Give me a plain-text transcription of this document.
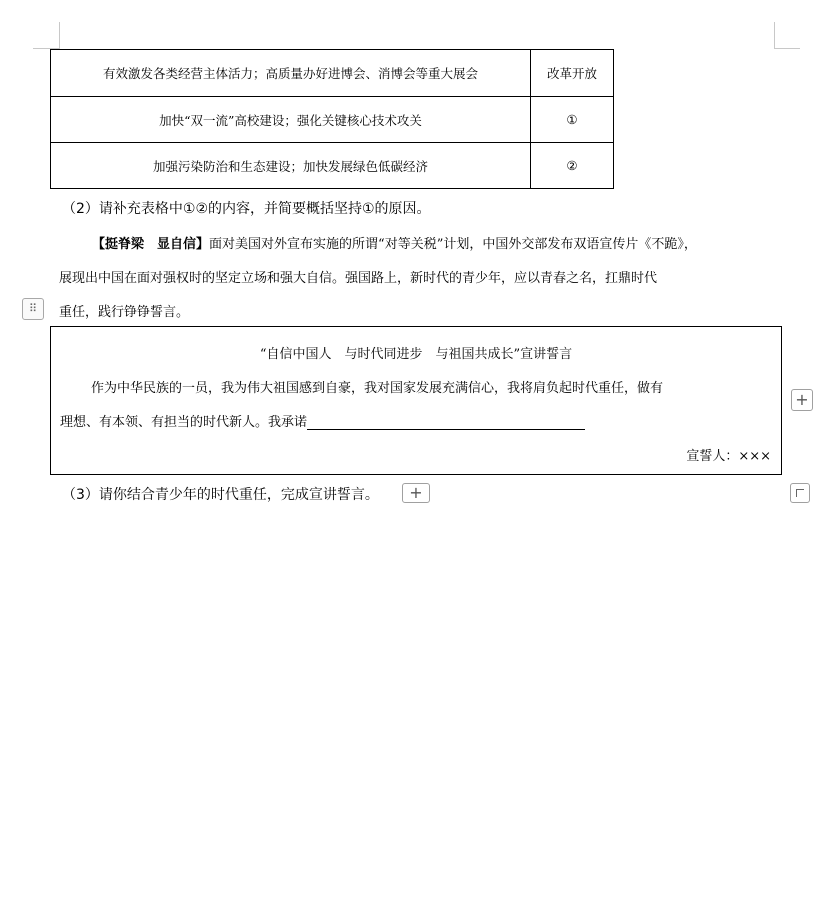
有效激发各类经营主体活力；高质量办好进博会、消博会等重大展会	改革开放
加快“双一流”高校建设；强化关键核心技术攻关	①
加强污染防治和生态建设；加快发展绿色低碳经济	②
（2）请补充表格中①②的内容，并简要概括坚持①的原因。
【挺脊梁　显自信】面对美国对外宣布实施的所谓“对等关税”计划，中国外交部发布双语宣传片《不跪》，
展现出中国在面对强权时的坚定立场和强大自信。强国路上，新时代的青少年，应以青春之名，扛鼎时代
⠿	重任，践行铮铮誓言。
“自信中国人　与时代同进步　与祖国共成长”宣讲誓言
作为中华民族的一员，我为伟大祖国感到自豪，我对国家发展充满信心，我将肩负起时代重任，做有
理想、有本领、有担当的时代新人。我承诺
宣誓人：×××
+
（3）请你结合青少年的时代重任，完成宣讲誓言。	+
